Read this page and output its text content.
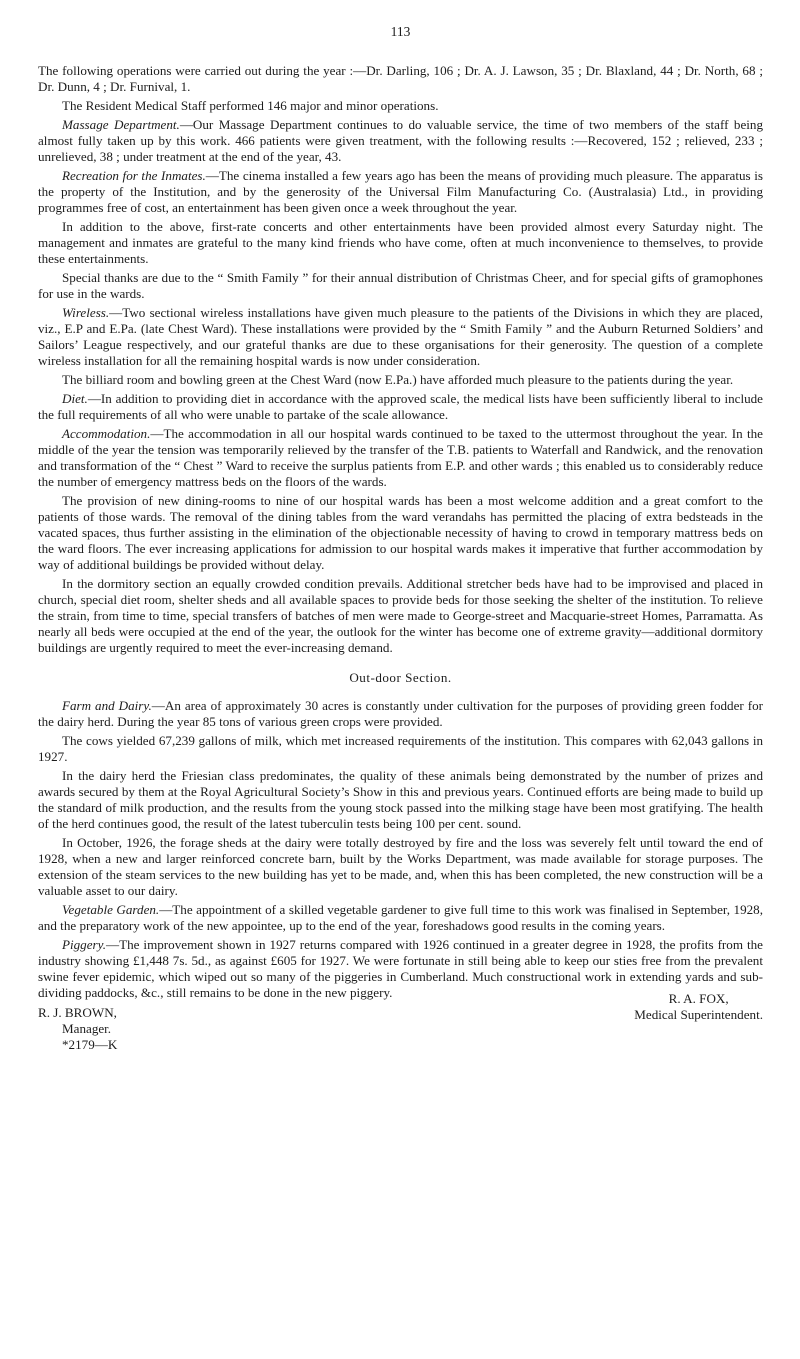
113

The following operations were carried out during the year :—Dr. Darling, 106 ; Dr. A. J. Lawson, 35 ; Dr. Blaxland, 44 ; Dr. North, 68 ; Dr. Dunn, 4 ; Dr. Furnival, 1.

The Resident Medical Staff performed 146 major and minor operations.

Massage Department.—Our Massage Department continues to do valuable service, the time of two members of the staff being almost fully taken up by this work. 466 patients were given treatment, with the following results :—Recovered, 152 ; relieved, 233 ; unrelieved, 38 ; under treatment at the end of the year, 43.

Recreation for the Inmates.—The cinema installed a few years ago has been the means of providing much pleasure. The apparatus is the property of the Institution, and by the generosity of the Universal Film Manufacturing Co. (Australasia) Ltd., in providing programmes free of cost, an entertainment has been given once a week throughout the year.

In addition to the above, first-rate concerts and other entertainments have been provided almost every Saturday night. The management and inmates are grateful to the many kind friends who have come, often at much inconvenience to themselves, to provide these entertainments.

Special thanks are due to the “ Smith Family ” for their annual distribution of Christmas Cheer, and for special gifts of gramophones for use in the wards.

Wireless.—Two sectional wireless installations have given much pleasure to the patients of the Divisions in which they are placed, viz., E.P and E.Pa. (late Chest Ward). These installations were provided by the “ Smith Family ” and the Auburn Returned Soldiers’ and Sailors’ League respectively, and our grateful thanks are due to these organisations for their generosity. The question of a complete wireless installation for all the remaining hospital wards is now under consideration.

The billiard room and bowling green at the Chest Ward (now E.Pa.) have afforded much pleasure to the patients during the year.

Diet.—In addition to providing diet in accordance with the approved scale, the medical lists have been sufficiently liberal to include the full requirements of all who were unable to partake of the scale allowance.

Accommodation.—The accommodation in all our hospital wards continued to be taxed to the uttermost throughout the year. In the middle of the year the tension was temporarily relieved by the transfer of the T.B. patients to Waterfall and Randwick, and the renovation and transformation of the “ Chest ” Ward to receive the surplus patients from E.P. and other wards ; this enabled us to considerably reduce the number of emergency mattress beds on the floors of the wards.

The provision of new dining-rooms to nine of our hospital wards has been a most welcome addition and a great comfort to the patients of those wards. The removal of the dining tables from the ward verandahs has permitted the placing of extra bedsteads in the vacated spaces, thus further assisting in the elimination of the objectionable necessity of having to crowd in temporary mattress beds on the ward floors. The ever increasing applications for admission to our hospital wards makes it imperative that further accommodation by way of additional buildings be provided without delay.

In the dormitory section an equally crowded condition prevails. Additional stretcher beds have had to be improvised and placed in church, special diet room, shelter sheds and all available spaces to provide beds for those seeking the shelter of the institution. To relieve the strain, from time to time, special transfers of batches of men were made to George-street and Macquarie-street Homes, Parramatta. As nearly all beds were occupied at the end of the year, the outlook for the winter has become one of extreme gravity—additional dormitory buildings are urgently required to meet the ever-increasing demand.

Out-door Section.

Farm and Dairy.—An area of approximately 30 acres is constantly under cultivation for the purposes of providing green fodder for the dairy herd. During the year 85 tons of various green crops were provided.

The cows yielded 67,239 gallons of milk, which met increased requirements of the institution. This compares with 62,043 gallons in 1927.

In the dairy herd the Friesian class predominates, the quality of these animals being demonstrated by the number of prizes and awards secured by them at the Royal Agricultural Society’s Show in this and previous years. Continued efforts are being made to build up the standard of milk production, and the results from the young stock passed into the milking stage have been most gratifying. The health of the herd continues good, the result of the latest tuberculin tests being 100 per cent. sound.

In October, 1926, the forage sheds at the dairy were totally destroyed by fire and the loss was severely felt until toward the end of 1928, when a new and larger reinforced concrete barn, built by the Works Department, was made available for storage purposes. The extension of the steam services to the new building has yet to be made, and, when this has been completed, the new construction will be a valuable asset to our dairy.

Vegetable Garden.—The appointment of a skilled vegetable gardener to give full time to this work was finalised in September, 1928, and the preparatory work of the new appointee, up to the end of the year, foreshadows good results in the coming years.

Piggery.—The improvement shown in 1927 returns compared with 1926 continued in a greater degree in 1928, the profits from the industry showing £1,448 7s. 5d., as against £605 for 1927. We were fortunate in still being able to keep our sties free from the prevalent swine fever epidemic, which wiped out so many of the piggeries in Cumberland. Much constructional work in extending yards and sub-dividing paddocks, &c., still remains to be done in the new piggery.

R. J. BROWN,
Manager.
*2179—K
R. A. FOX,
Medical Superintendent.
